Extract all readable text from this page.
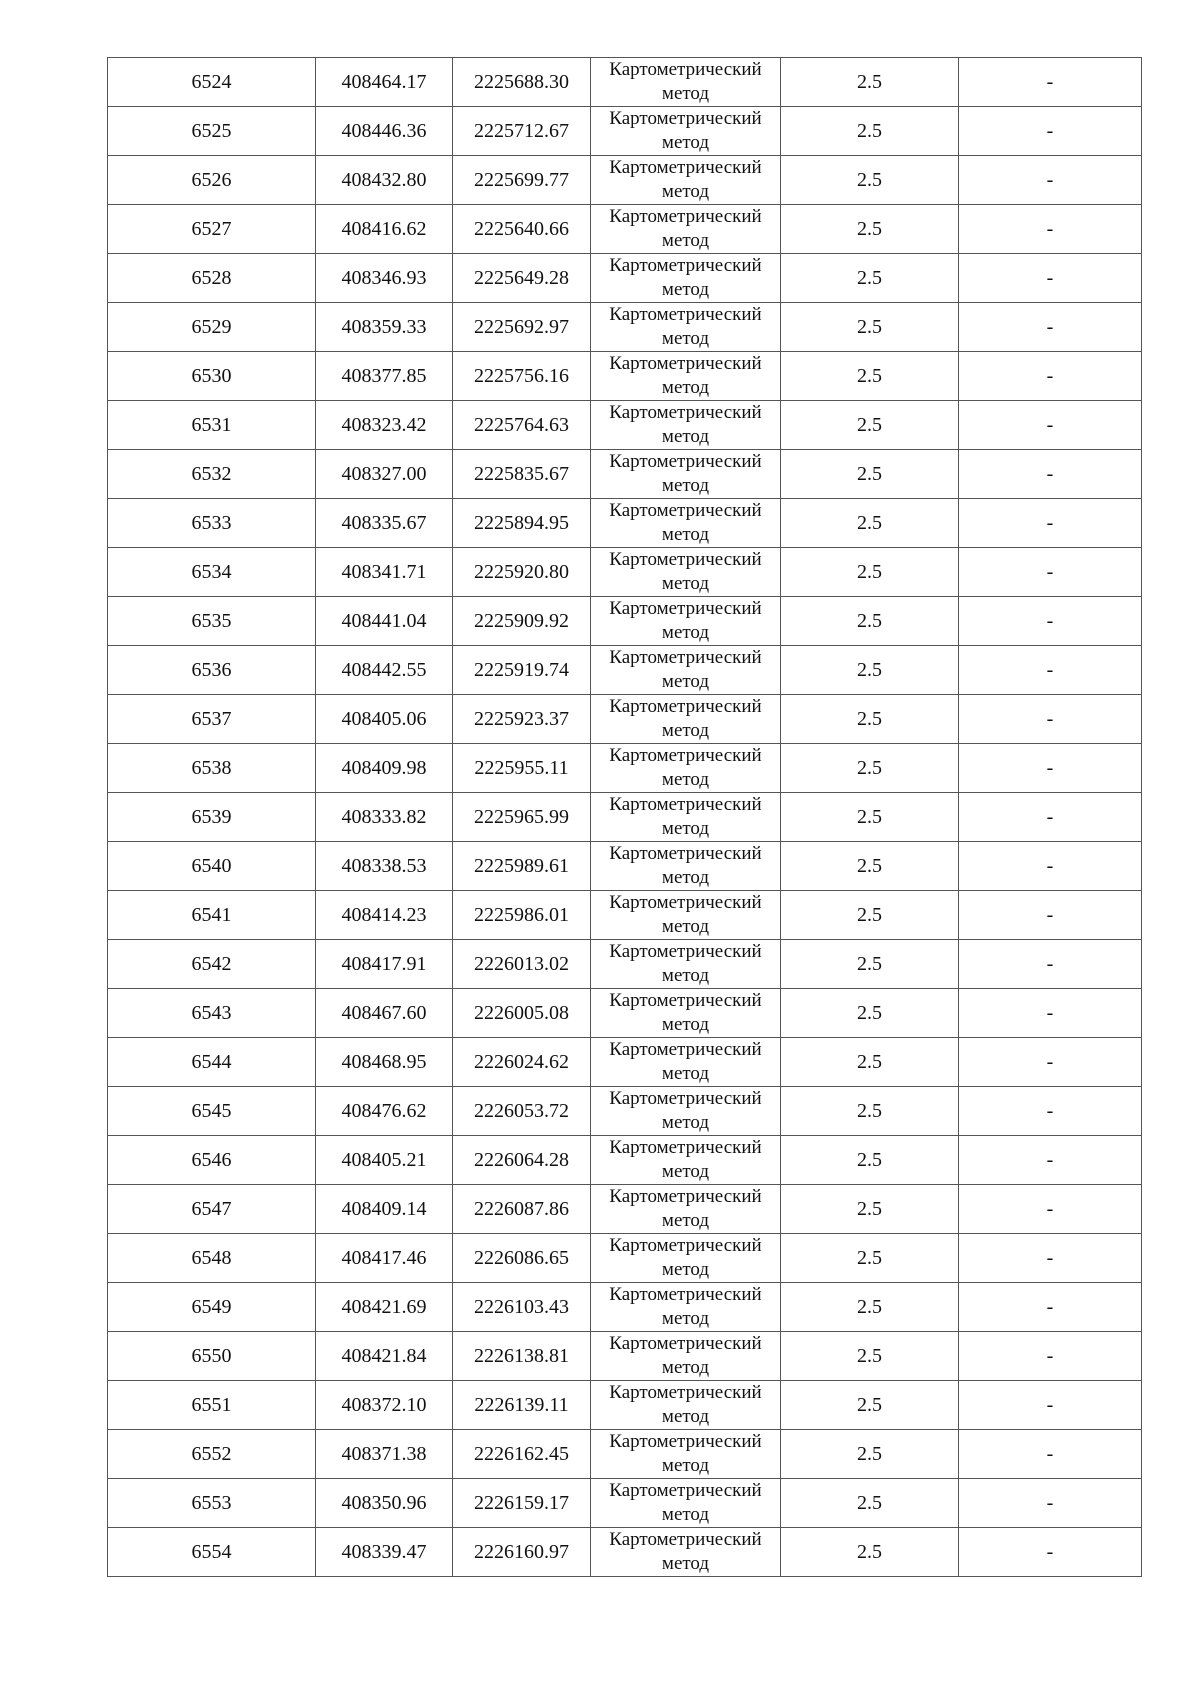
6524	408464.17	2225688.30	Картометрический
метод	2.5	-
6525	408446.36	2225712.67	Картометрический
метод	2.5	-
6526	408432.80	2225699.77	Картометрический
метод	2.5	-
6527	408416.62	2225640.66	Картометрический
метод	2.5	-
6528	408346.93	2225649.28	Картометрический
метод	2.5	-
6529	408359.33	2225692.97	Картометрический
метод	2.5	-
6530	408377.85	2225756.16	Картометрический
метод	2.5	-
6531	408323.42	2225764.63	Картометрический
метод	2.5	-
6532	408327.00	2225835.67	Картометрический
метод	2.5	-
6533	408335.67	2225894.95	Картометрический
метод	2.5	-
6534	408341.71	2225920.80	Картометрический
метод	2.5	-
6535	408441.04	2225909.92	Картометрический
метод	2.5	-
6536	408442.55	2225919.74	Картометрический
метод	2.5	-
6537	408405.06	2225923.37	Картометрический
метод	2.5	-
6538	408409.98	2225955.11	Картометрический
метод	2.5	-
6539	408333.82	2225965.99	Картометрический
метод	2.5	-
6540	408338.53	2225989.61	Картометрический
метод	2.5	-
6541	408414.23	2225986.01	Картометрический
метод	2.5	-
6542	408417.91	2226013.02	Картометрический
метод	2.5	-
6543	408467.60	2226005.08	Картометрический
метод	2.5	-
6544	408468.95	2226024.62	Картометрический
метод	2.5	-
6545	408476.62	2226053.72	Картометрический
метод	2.5	-
6546	408405.21	2226064.28	Картометрический
метод	2.5	-
6547	408409.14	2226087.86	Картометрический
метод	2.5	-
6548	408417.46	2226086.65	Картометрический
метод	2.5	-
6549	408421.69	2226103.43	Картометрический
метод	2.5	-
6550	408421.84	2226138.81	Картометрический
метод	2.5	-
6551	408372.10	2226139.11	Картометрический
метод	2.5	-
6552	408371.38	2226162.45	Картометрический
метод	2.5	-
6553	408350.96	2226159.17	Картометрический
метод	2.5	-
6554	408339.47	2226160.97	Картометрический
метод	2.5	-
